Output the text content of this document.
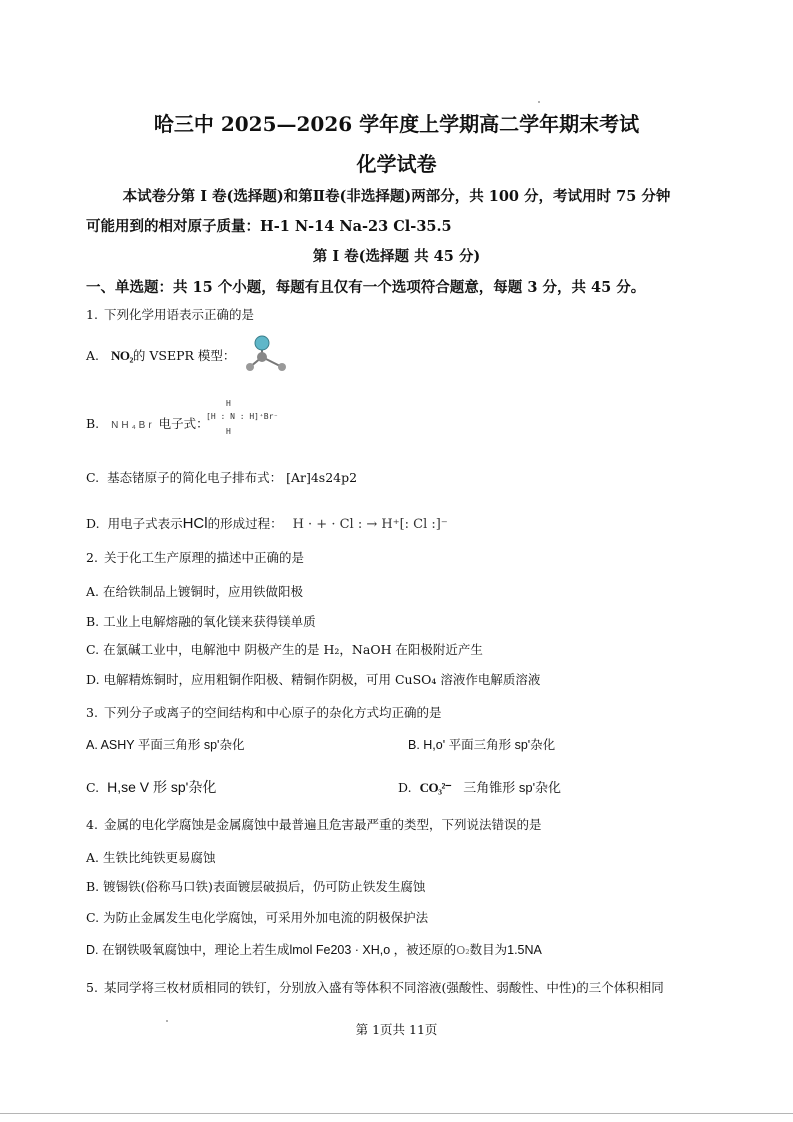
哈三中 2025—2026 学年度上学期高二学年期末考试
化学试卷
本试卷分第 Ⅰ 卷(选择题)和第Ⅱ卷(非选择题)两部分，共 100 分，考试用时 75 分钟
可能用到的相对原子质量：H-1 N-14 Na-23 Cl-35.5
第 Ⅰ 卷(选择题 共 45 分)
一、单选题：共 15 个小题，每题有且仅有一个选项符合题意，每题 3 分，共 45 分。
1. 下列化学用语表示正确的是
A. NO₂的 VSEPR 模型：
B. NH₄Br 电子式：
H
[H : N : H]⁺Br⁻
H
C. 基态锗原子的简化电子排布式： [Ar]4s24p2
D. 用电子式表示HCl的形成过程： H · + · Cl : → H⁺[: Cl :]⁻
2. 关于化工生产原理的描述中正确的是
A. 在给铁制品上镀铜时，应用铁做阳极
B. 工业上电解熔融的氧化镁来获得镁单质
C. 在氯碱工业中，电解池中 阴极产生的是 H₂，NaOH 在阳极附近产生
D. 电解精炼铜时，应用粗铜作阳极、精铜作阴极，可用 CuSO₄ 溶液作电解质溶液
3. 下列分子或离子的空间结构和中心原子的杂化方式均正确的是
A. ASHY 平面三角形 sp'杂化	B. H,o' 平面三角形 sp'杂化
C. H,se V 形 sp'杂化	D. CO₃²⁻ 三角锥形 sp'杂化
4. 金属的电化学腐蚀是金属腐蚀中最普遍且危害最严重的类型，下列说法错误的是
A. 生铁比纯铁更易腐蚀
B. 镀锡铁(俗称马口铁)表面镀层破损后，仍可防止铁发生腐蚀
C. 为防止金属发生电化学腐蚀，可采用外加电流的阴极保护法
D. 在钢铁吸氧腐蚀中，理论上若生成lmol Fe203 · XH,o ，被还原的O₂数目为1.5NA
5. 某同学将三枚材质相同的铁钉，分别放入盛有等体积不同溶液(强酸性、弱酸性、中性)的三个体积相同
第 1页共 11页
